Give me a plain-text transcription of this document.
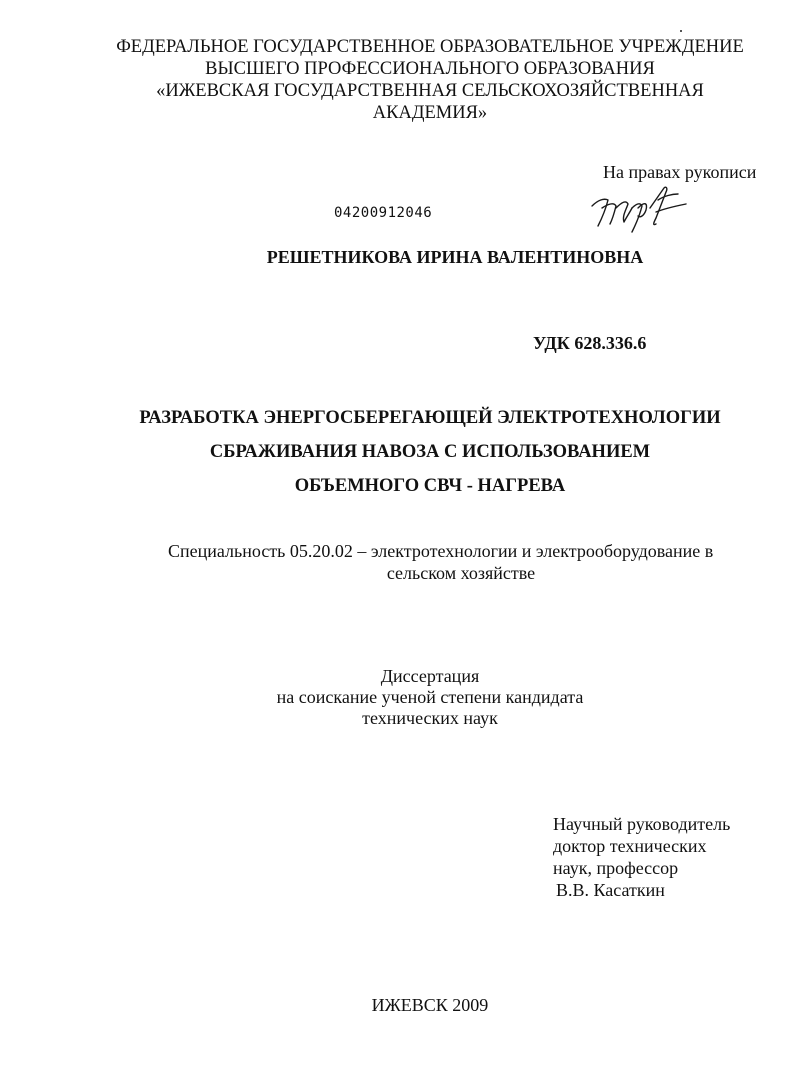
ФЕДЕРАЛЬНОЕ ГОСУДАРСТВЕННОЕ ОБРАЗОВАТЕЛЬНОЕ УЧРЕЖДЕНИЕ
ВЫСШЕГО ПРОФЕССИОНАЛЬНОГО ОБРАЗОВАНИЯ
«ИЖЕВСКАЯ ГОСУДАРСТВЕННАЯ СЕЛЬСКОХОЗЯЙСТВЕННАЯ
АКАДЕМИЯ»
На правах рукописи
04200912046
РЕШЕТНИКОВА ИРИНА ВАЛЕНТИНОВНА
УДК 628.336.6
РАЗРАБОТКА ЭНЕРГОСБЕРЕГАЮЩЕЙ ЭЛЕКТРОТЕХНОЛОГИИ
СБРАЖИВАНИЯ НАВОЗА С ИСПОЛЬЗОВАНИЕМ
ОБЪЕМНОГО СВЧ - НАГРЕВА
Специальность 05.20.02 – электротехнологии и электрооборудование в
сельском хозяйстве
Диссертация
на соискание ученой степени кандидата
технических наук
Научный руководитель
доктор технических
наук, профессор
В.В. Касаткин
ИЖЕВСК 2009
